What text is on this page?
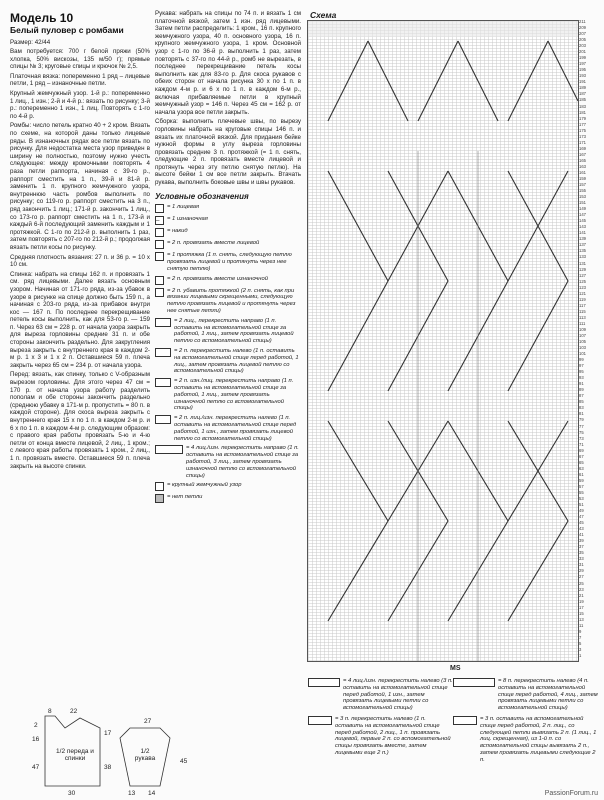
Модель 10
Белый пуловер с ромбами

Размер: 42/44

Вам потребуется: 700 г белой пряжи (50% хлопка, 50% вискозы, 135 м/50 г); прямые спицы № 3; круговые спицы и крючок № 2,5.

Платочная вязка: попеременно 1 ряд – лицевые петли, 1 ряд – изнаночные петли.

Крупный жемчужный узор. 1-й р.: попеременно 1 лиц., 1 изн.; 2-й и 4-й р.: вязать по рисунку; 3-й р.: попеременно 1 изн., 1 лиц. Повторять с 1-го по 4-й р.

Ромбы: число петель кратно 40 + 2 кром. Вязать по схеме, на которой даны только лицевые ряды. В изнаночных рядах все петли вязать по рисунку. Для недостатка места узор приведен в ширину не полностью, поэтому нужно учесть следующее: между кромочными повторять 4 раза петли раппорта, начиная с 39-го р., раппорт сместить на 1 п., 39-й и 81-й р. заменить 1 п. крупного жемчужного узора, внутреннюю часть ромбов выполнить по рисунку; со 119-го р. раппорт сместить на 3 п., ряд закончить 1 лиц.; 171-й р. закончить 1 лиц., со 173-го р. раппорт сместить на 1 п., 173-й и каждый 6-й последующий заменить каждым и 1 протяжкой. С 1-го по 212-й р. выполнить 1 раз, затем повторять с 207-го по 212-й р.; продолжая вязать петли косы по рисунку.

Средняя плотность вязания: 27 п. и 36 р. = 10 х 10 см.

Спинка: набрать на спицы 162 п. и провязать 1 см. ряд лицевыми. Далее вязать основным узором. Начиная от 171-го ряда, из-за убавок в узоре в рисунке на спице должно быть 159 п., а начиная с 203-го ряда, из-за прибавок внутри кос — 167 п. По последнее перекрещивание петель косы выполнить, как для 53-го р. — 159 п. Через 63 см = 228 р. от начала узора закрыть для выреза горловины средние 31 п. и обе стороны закончить раздельно. Для закругления выреза закрыть с внутреннего края в каждом 2-м р. 1 х 3 и 1 х 2 п. Оставшиеся 59 п. плеча закрыть через 65 см = 234 р. от начала узора.

Перед: вязать, как спинку, только с V-образным вырезом горловины. Для этого через 47 см = 170 р. от начала узора работу разделить пополам и обе стороны закончить раздельно (среднюю убавку в 171-м р. пропустить = 80 п. в каждой стороне). Для скоса выреза закрыть с внутреннего края 15 х по 1 п. в каждом 2-м р. и 6 х по 1 п. в каждом 4-м р. следующим образом: с правого края работы провязать 5-ю и 4-ю петли от конца вместе лицевой, 2 лиц., 1 кром.; с левого края работы провязать 1 кром., 2 лиц., 1 п. провязать вместе. Оставшиеся 59 п. плеча закрыть на высоте спинки.

Рукава: набрать на спицы по 74 п. и вязать 1 см платочной вязкой, затем 1 изн. ряд лицевыми. Затем петли распределить: 1 кром., 16 п. крупного жемчужного узора, 40 п. основного узора, 16 п. крупного жемчужного узора, 1 кром. Основной узор с 1-го по 36-й р. выполнить 1 раз, затем повторять с 37-го по 44-й р., ромб не вырезать, в последнее перекрещивание петель косы выполнить как для 83-го р. Для скоса рукавов с обеих сторон от начала рисунка 30 х по 1 п. в каждом 4-м р. и 6 х по 1 п. в каждом 6-м р., включая прибавляемые петли в крупный жемчужный узор = 146 п. Через 45 см = 162 р. от начала узора все петли закрыть.

Сборка: выполнить плечевые швы, по вырезу горловины набрать на круговые спицы 146 п. и вязать их платочной вязкой. Для придания бейке нужной формы в углу выреза горловины провязать средние 3 п. протяжкой (= 1 п. снять, следующие 2 п. провязать вместе лицевой и протянуть через эту петлю снятую петлю). На высоте бейки 1 см все петли закрыть. Втачать рукава, выполнить боковые швы и швы рукавов.

Условные обозначения
= 1 лицевая
–	= 1 изнаночная
= накид
= 2 п. провязать вместе лицевой
= 1 протяжка (1 п. снять, следующую петлю провязать лицевой и протянуть через нее снятую петлю)
= 2 п. провязать вместе изнаночной
= 2 п. убавить протяжкой (2 п. снять, как при вязании лицевыми скрещенными, следующую петлю провязать лицевой и протянуть через нее снятые петли)
= 2 лиц., перекрестить направо (1 п. оставить на вспомогательной спице за работой, 1 лиц., затем провязать лицевой петлю со вспомогательной спицы)
= 2 п. перекрестить налево (1 п. оставить на вспомогательной спице перед работой, 1 лиц., затем провязать лицевой петлю со вспомогательной спицы)
= 2 п. изн./лиц. перекрестить направо (1 п. оставить на вспомогательной спице за работой, 1 лиц., затем провязать изнаночной петлю со вспомогательной спицы)
= 2 п. лиц./изн. перекрестить налево (1 п. оставить на вспомогательной спице перед работой, 1 изн., затем провязать лицевой петлю со вспомогательной спицы)
= 4 лиц./изн. перекрестить направо (1 п. оставить на вспомогательной спице за работой, 3 лиц., затем провязать изнаночной петлю со вспомогательной спицы)
= крупный жемчужный узор
= нет петли
Схема
211
209
207
205
203
201
199
197
195
193
191
189
187
185
183
181
179
177
175
173
171
169
167
165
163
161
159
157
155
153
151
149
147
145
143
141
139
137
135
133
131
129
127
125
123
121
119
117
115
113
111
109
107
105
103
101
99
97
95
93
91
89
87
85
83
81
79
77
75
73
71
69
67
65
63
61
59
57
55
53
51
49
47
45
43
41
39
37
35
33
31
29
27
25
23
21
19
17
15
13
11
9
7
5
3
1
MS
= 4 лиц./изн. перекрестить налево (3 п. оставить на вспомогательной спице перед работой, 1 изн., затем провязать лицевыми петли со вспомогательной спицы)
= 8 п. перекрестить налево (4 п. оставить на вспомогательной спице перед работой, 4 лиц., затем провязать лицевыми петли со вспомогательной спицы)
= 3 п. перекрестить налево (1 п. оставить на вспомогательной спице перед работой, 2 лиц., 1 п. провязать лицевой, первые 2 п. со вспомогательной спицы провязать вместе, затем лицевыми еще 2 п.)
= 3 п. оставить на вспомогательной спице перед работой, 2 п. лиц., со следующей петли вывязать 2 п. (1 лиц., 1 лиц. скрещенная), из 1-й п. со вспомогательной спицы вывязать 2 п., затем провязать лицевыми следующие 2 п.
1/2 переда и спинки
1/2 рукава
8	22
2
16
47
17
38
30
27
13 14
45
PassionForum.ru
